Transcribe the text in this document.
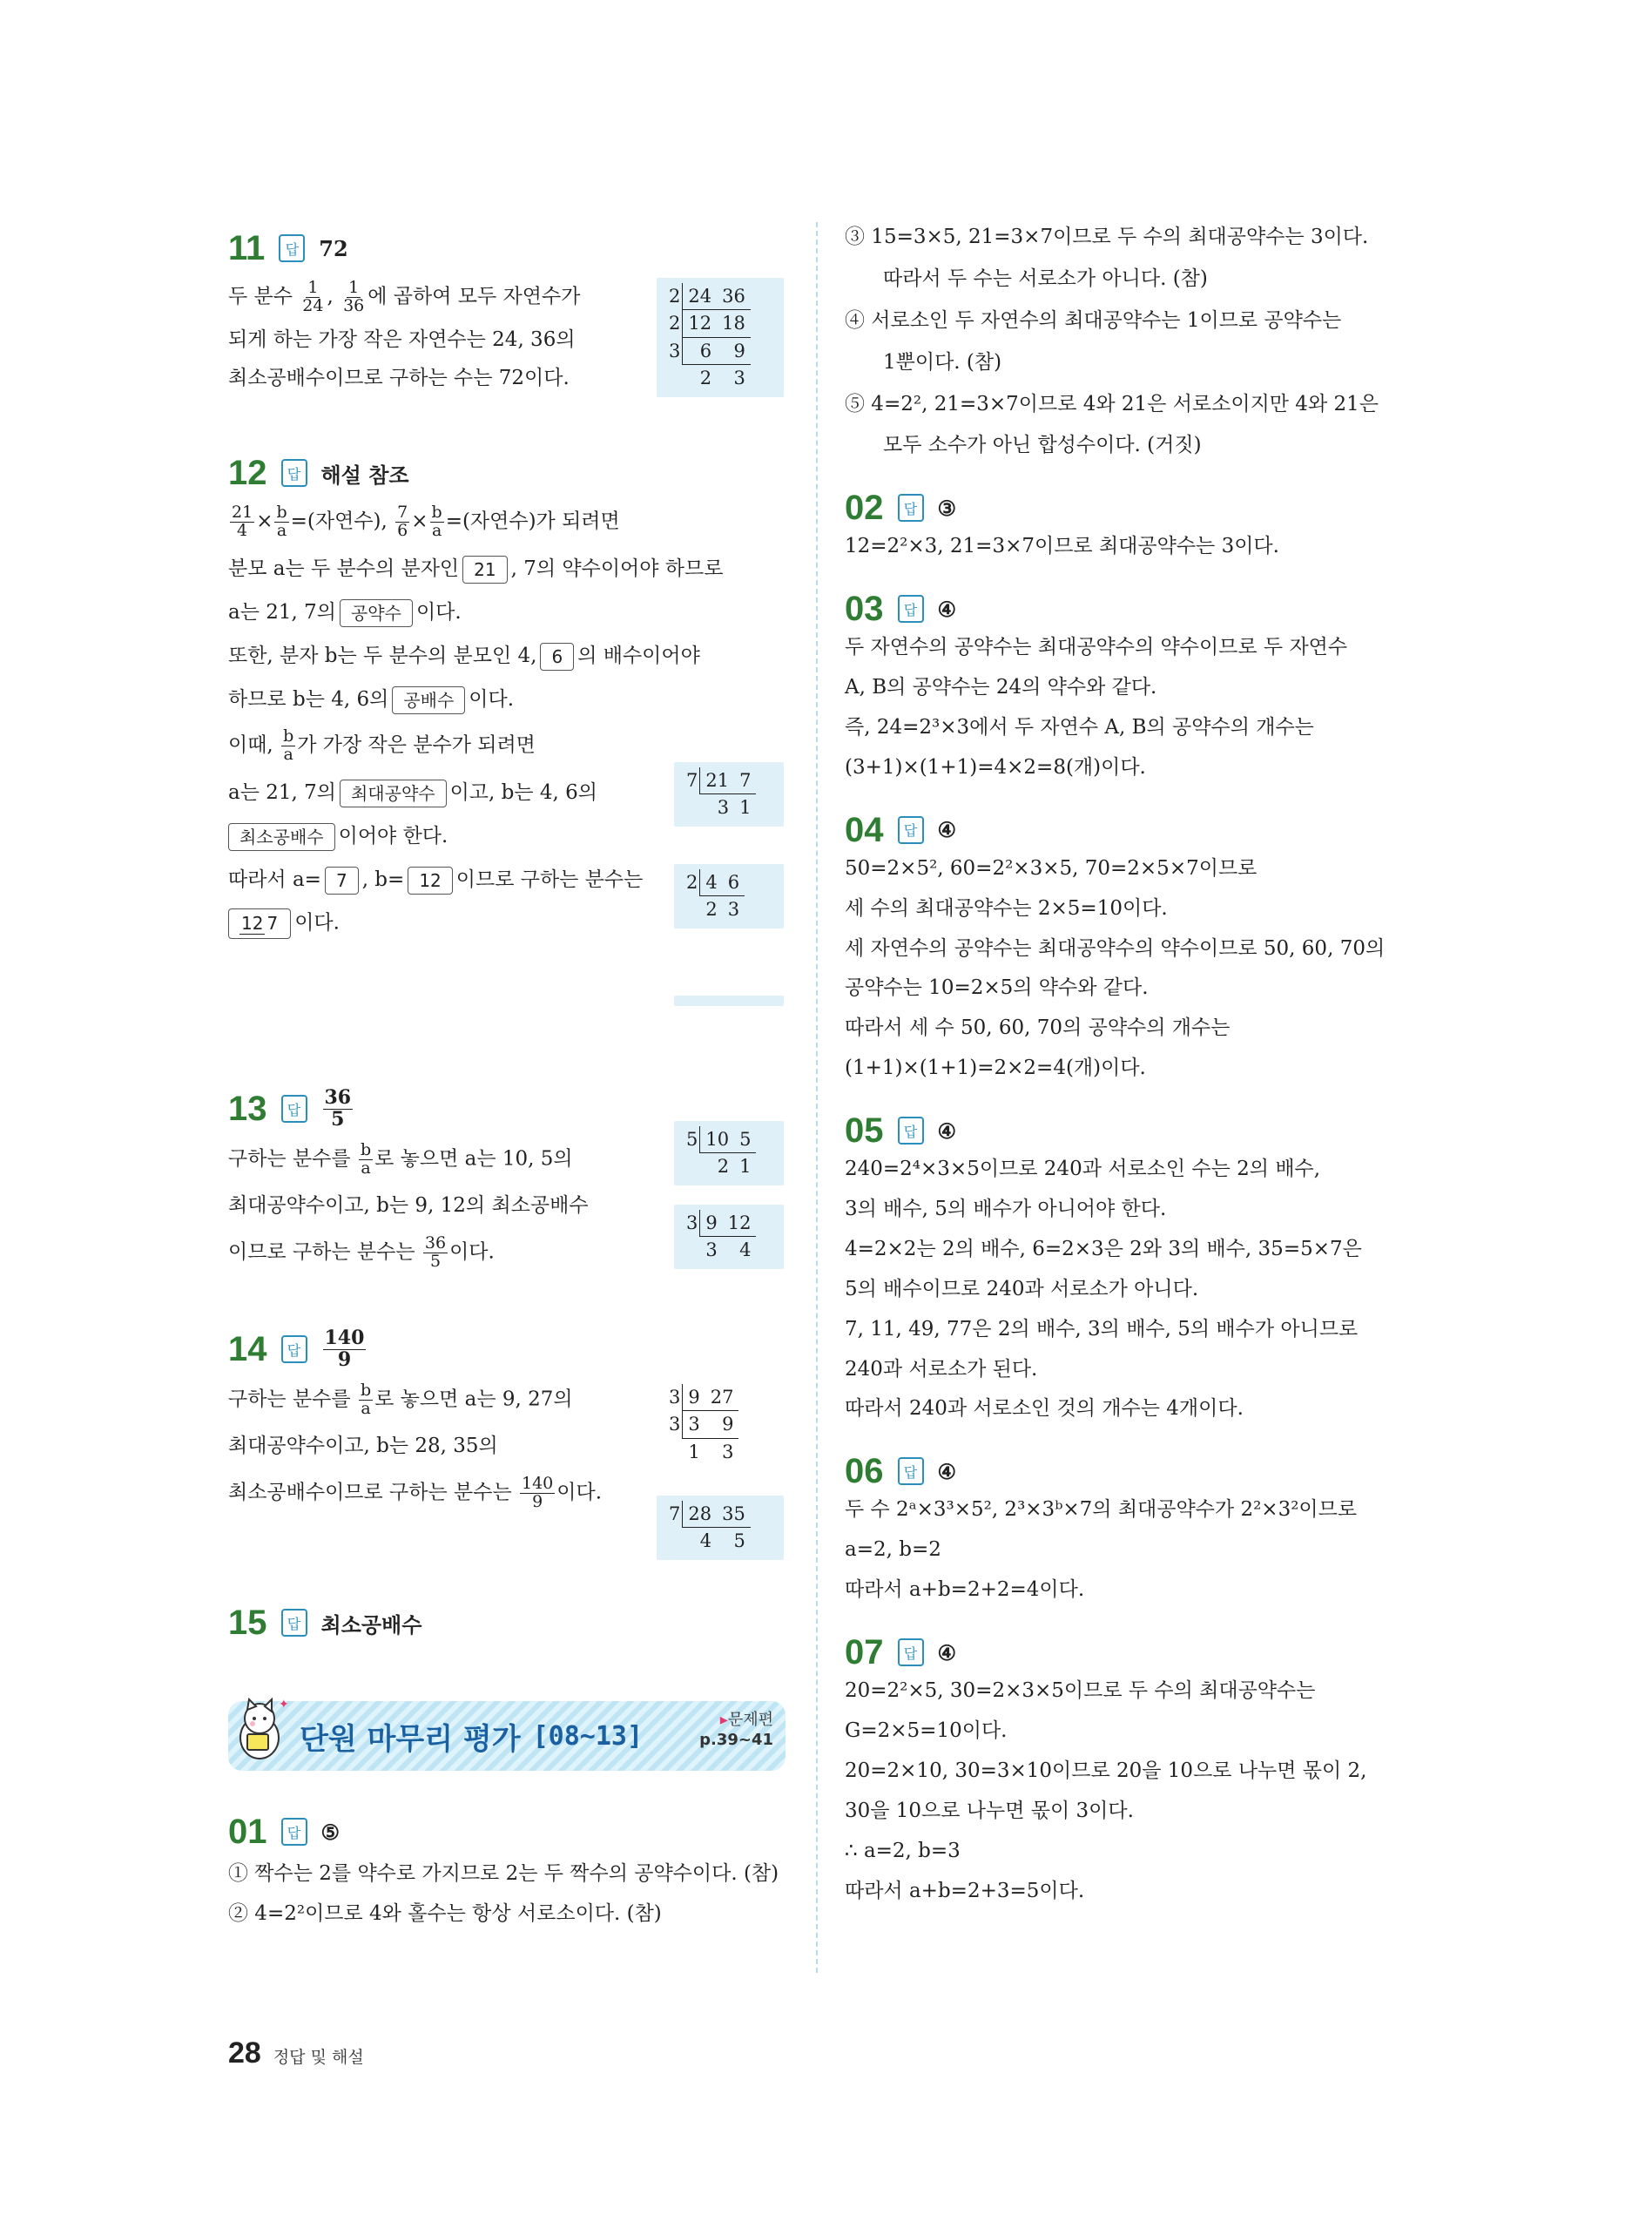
11	답 72

두 분수 $\frac{1}{24}$ , $\frac{1}{36}$ 에 곱하여 모두 자연수가

되게 하는 가장 작은 자연수는 24, 36의

최소공배수이므로 구하는 수는 72이다.

2	24	36
2	12	18
3	6	9
	2	3
12	답 해설 참조

$\frac{21}{4} \times \frac{b}{a}$ =(자연수), $\frac{7}{6} \times \frac{b}{a}$ =(자연수)가 되려면

분모 a는 두 분수의 분자인 21 , 7의 약수이어야 하므로

a는 21, 7의 공약수 이다.

또한, 분자 b는 두 분수의 분모인 4, 6 의 배수이어야

하므로 b는 4, 6의 공배수 이다.

이때, $\frac{b}{a}$ 가 가장 작은 분수가 되려면

a는 21, 7의 최대공약수 이고, b는 4, 6의

최소공배수 이어야 한다.

따라서 a= 7 , b= 12 이므로 구하는 분수는

12 7 이다.

7	21	7
	3	1
2	4	6
	2	3
13	답	$\frac{36}{5}$

구하는 분수를 $\frac{b}{a}$ 로 놓으면 a는 10, 5의

최대공약수이고, b는 9, 12의 최소공배수

이므로 구하는 분수는 $\frac{36}{5}$ 이다.

5	10	5
	2	1
3	9	12
	3	4
14	답	$\frac{140}{9}$

구하는 분수를 $\frac{b}{a}$ 로 놓으면 a는 9, 27의

최대공약수이고, b는 28, 35의

최소공배수이므로 구하는 분수는 $\frac{140}{9}$ 이다.

3	9	27
3	3	9
	1	3
7	28	35
	4	5
15	답 최소공배수
✦
단원 마무리 평가 [08~13]
▸문제편
p.39~41
01	답 ⑤

① 짝수는 2를 약수로 가지므로 2는 두 짝수의 공약수이다. (참)

② 4=2²이므로 4와 홀수는 항상 서로소이다. (참)

③ 15=3×5, 21=3×7이므로 두 수의 최대공약수는 3이다.

따라서 두 수는 서로소가 아니다. (참)

④ 서로소인 두 자연수의 최대공약수는 1이므로 공약수는

1뿐이다. (참)

⑤ 4=2², 21=3×7이므로 4와 21은 서로소이지만 4와 21은

모두 소수가 아닌 합성수이다. (거짓)

02	답 ③

12=2²×3, 21=3×7이므로 최대공약수는 3이다.

03	답 ④

두 자연수의 공약수는 최대공약수의 약수이므로 두 자연수

A, B의 공약수는 24의 약수와 같다.

즉, 24=2³×3에서 두 자연수 A, B의 공약수의 개수는

(3+1)×(1+1)=4×2=8(개)이다.

04	답 ④

50=2×5², 60=2²×3×5, 70=2×5×7이므로

세 수의 최대공약수는 2×5=10이다.

세 자연수의 공약수는 최대공약수의 약수이므로 50, 60, 70의

공약수는 10=2×5의 약수와 같다.

따라서 세 수 50, 60, 70의 공약수의 개수는

(1+1)×(1+1)=2×2=4(개)이다.

05	답 ④

240=2⁴×3×5이므로 240과 서로소인 수는 2의 배수,

3의 배수, 5의 배수가 아니어야 한다.

4=2×2는 2의 배수, 6=2×3은 2와 3의 배수, 35=5×7은

5의 배수이므로 240과 서로소가 아니다.

7, 11, 49, 77은 2의 배수, 3의 배수, 5의 배수가 아니므로

240과 서로소가 된다.

따라서 240과 서로소인 것의 개수는 4개이다.

06	답 ④

두 수 2ᵃ×3³×5², 2³×3ᵇ×7의 최대공약수가 2²×3²이므로

a=2, b=2

따라서 a+b=2+2=4이다.

07	답 ④

20=2²×5, 30=2×3×5이므로 두 수의 최대공약수는

G=2×5=10이다.

20=2×10, 30=3×10이므로 20을 10으로 나누면 몫이 2,

30을 10으로 나누면 몫이 3이다.

∴ a=2, b=3

따라서 a+b=2+3=5이다.

28 정답 및 해설
